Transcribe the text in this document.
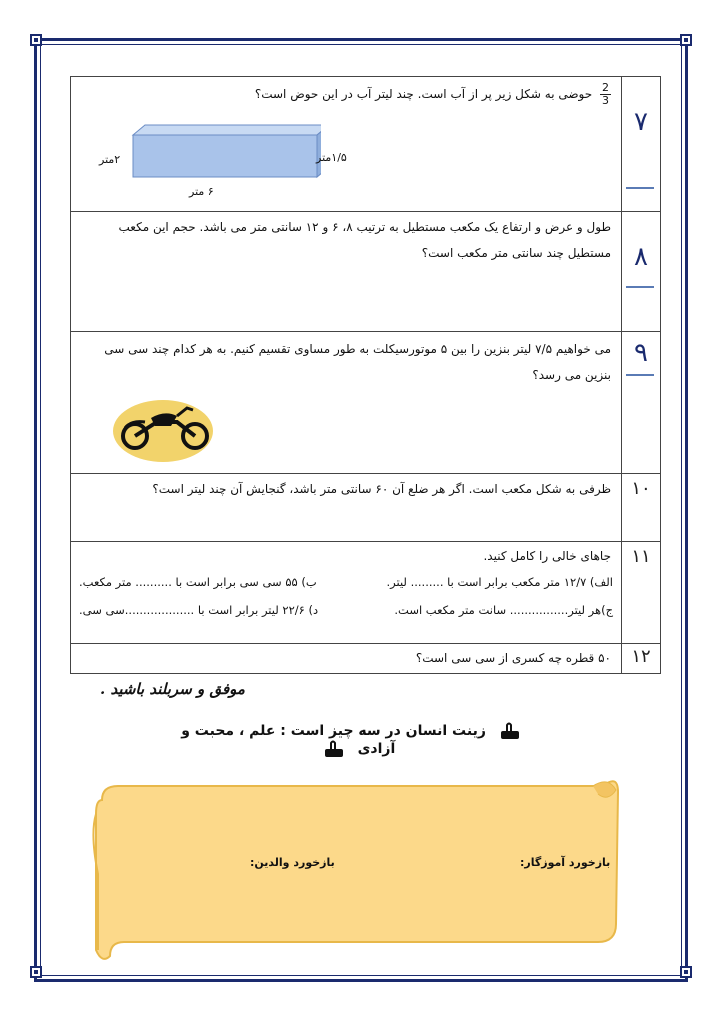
۷	$\frac{2}{3}$ حوضی به شکل زیر پر از آب است. چند لیتر آب در این حوض است؟
۱/۵متر
۲متر
۶ متر

۸	طول و عرض و ارتفاع یک مکعب مستطیل به ترتیب ۸، ۶ و ۱۲ سانتی متر می باشد. حجم این مکعب مستطیل چند سانتی متر مکعب است؟

۹	می خواهیم ۷/۵ لیتر بنزین را بین ۵ موتورسیکلت به طور مساوی تقسیم کنیم. به هر کدام چند سی سی بنزین می رسد؟

۱۰	ظرفی به شکل مکعب است. اگر هر ضلع آن ۶۰ سانتی متر باشد، گنجایش آن چند لیتر است؟

۱۱	جاهای خالی را کامل کنید.
الف) ۱۲/۷ متر مکعب برابر است با ......... لیتر.
ب) ۵۵ سی سی برابر است با .......... متر مکعب.
ج)هر لیتر................ سانت متر مکعب است.
د) ۲۲/۶ لیتر برابر است با ...................سی سی.

۱۲	۵۰ قطره چه کسری از سی سی است؟
موفق و سربلند باشید .
زینت انسان در سه چیز است : علم ، محبت و آزادی
بازخورد آموزگار:
بازخورد والدین:
